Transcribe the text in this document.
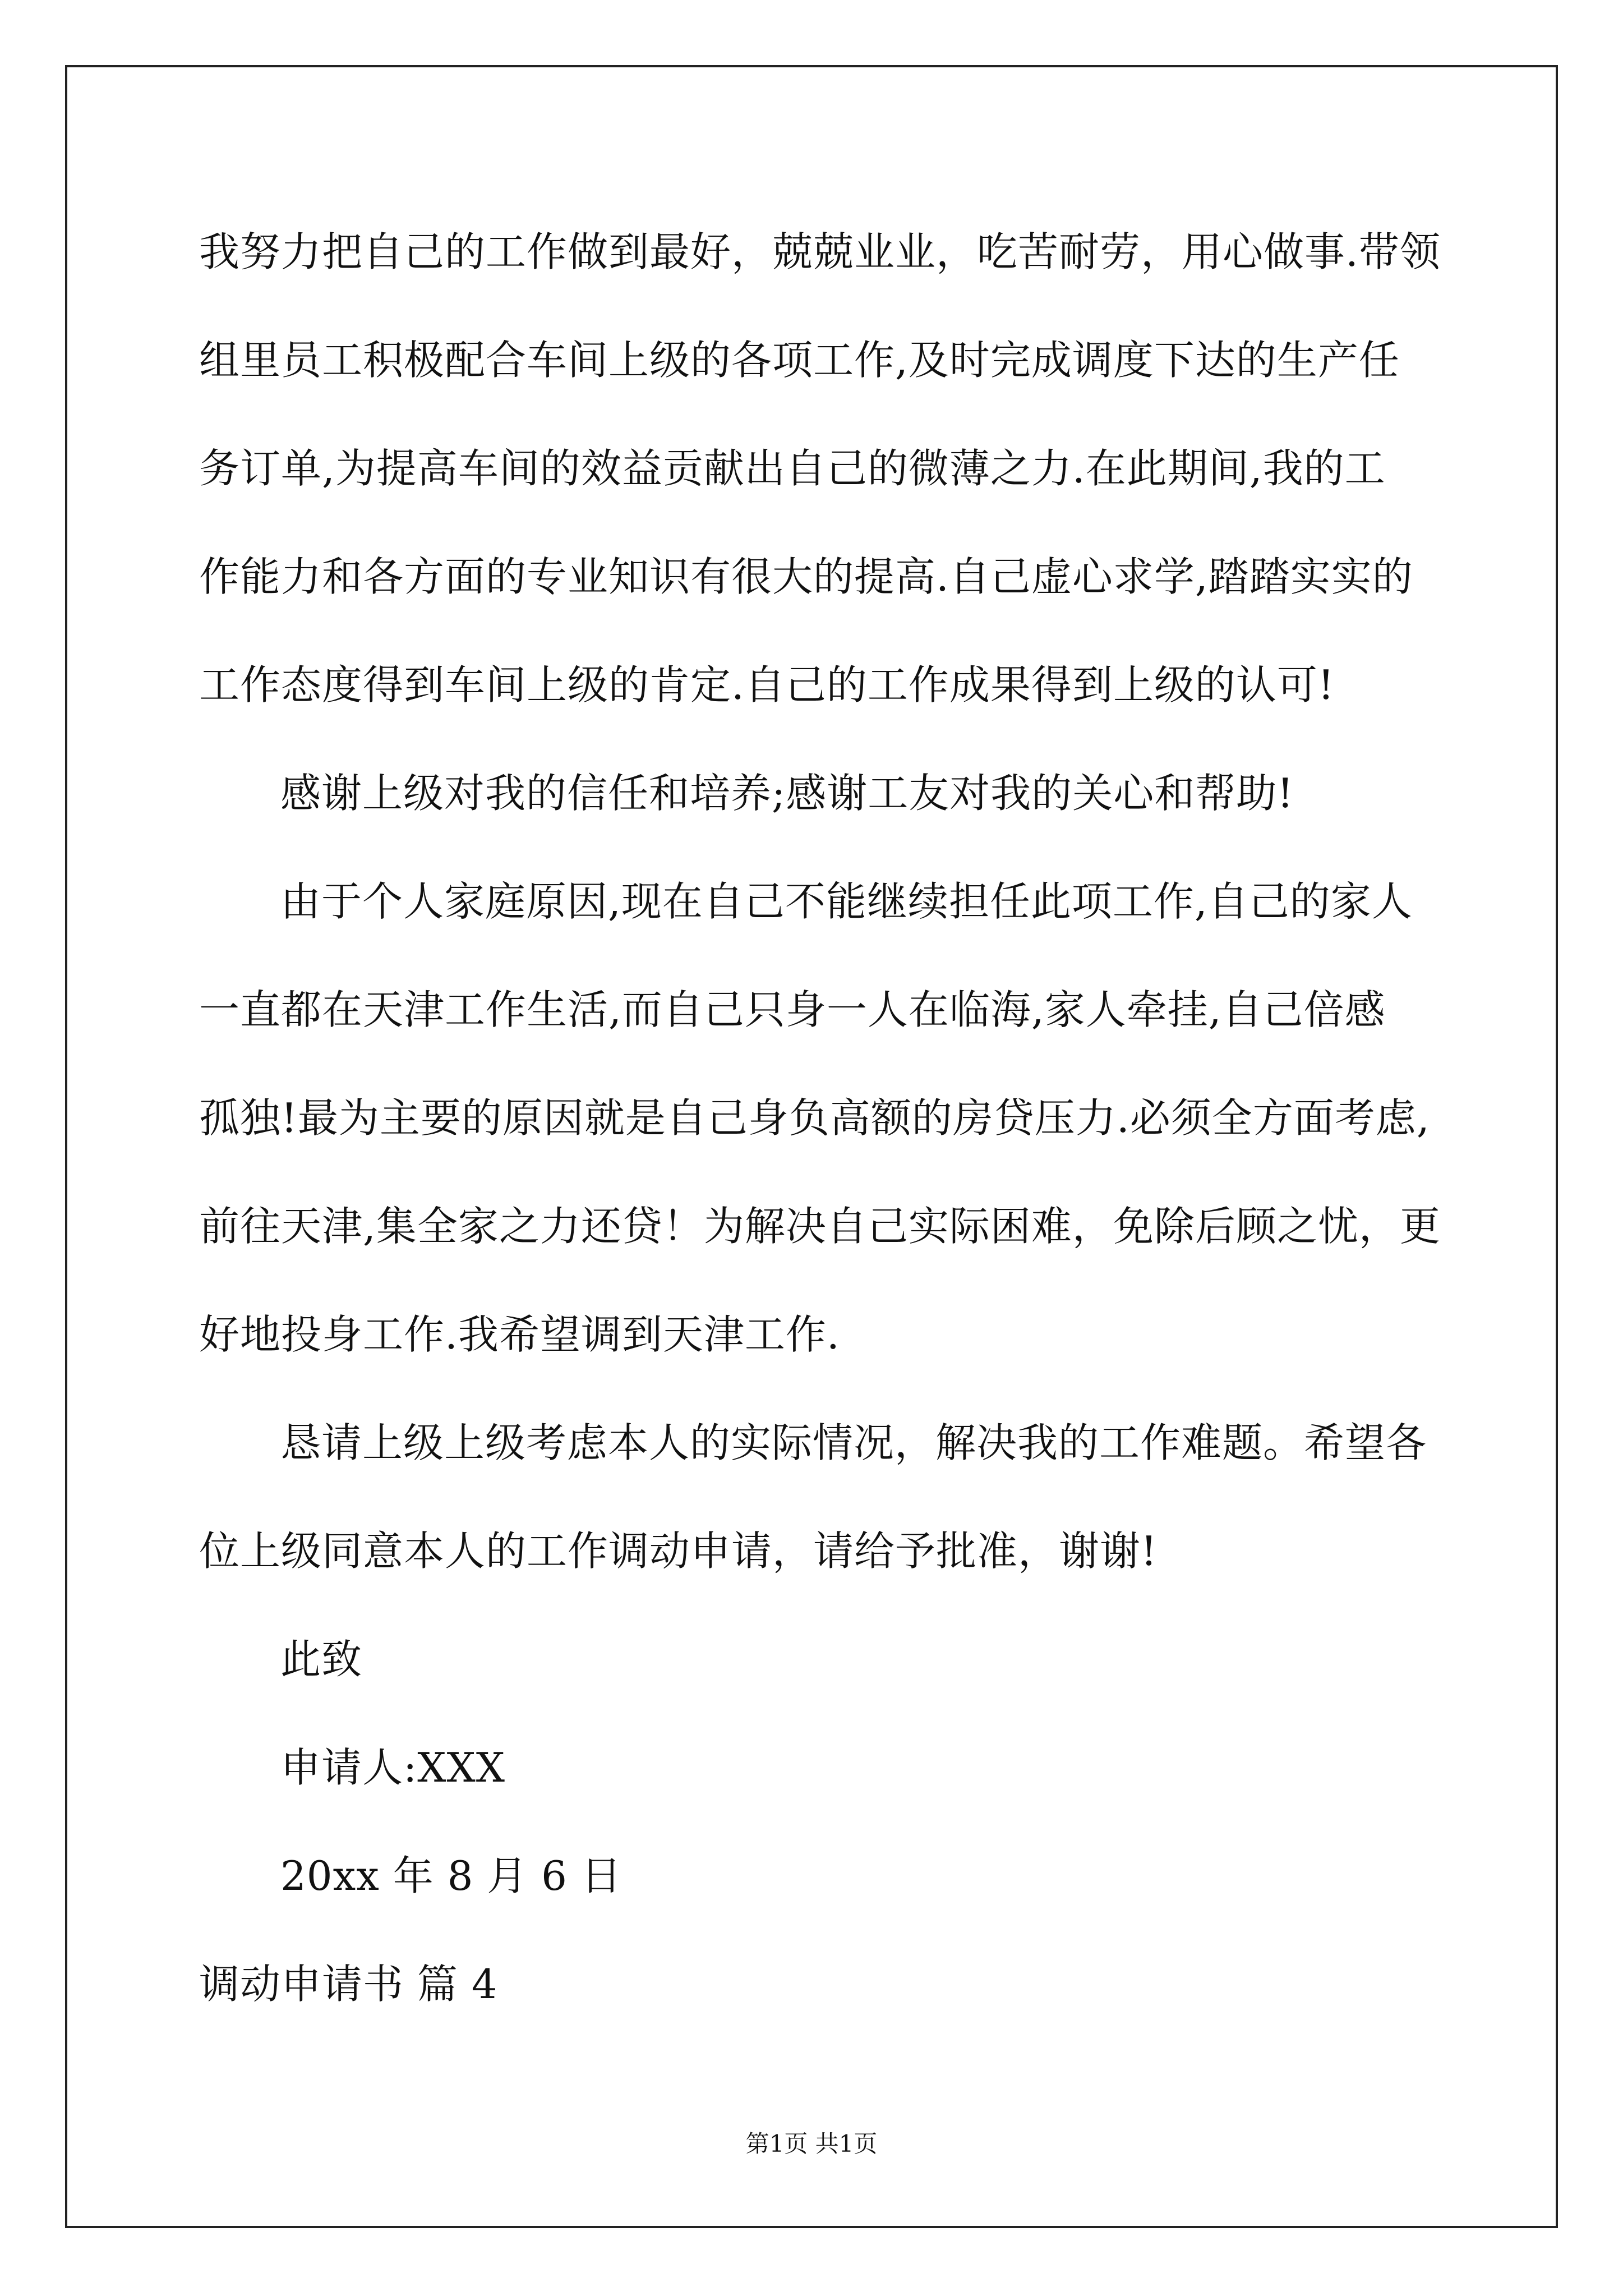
我努力把自己的工作做到最好，兢兢业业，吃苦耐劳，用心做事.带领
组里员工积极配合车间上级的各项工作,及时完成调度下达的生产任
务订单,为提高车间的效益贡献出自己的微薄之力.在此期间,我的工
作能力和各方面的专业知识有很大的提高.自己虚心求学,踏踏实实的
工作态度得到车间上级的肯定.自己的工作成果得到上级的认可!
感谢上级对我的信任和培养;感谢工友对我的关心和帮助!
由于个人家庭原因,现在自己不能继续担任此项工作,自己的家人
一直都在天津工作生活,而自己只身一人在临海,家人牵挂,自己倍感
孤独!最为主要的原因就是自己身负高额的房贷压力.必须全方面考虑,
前往天津,集全家之力还贷！为解决自己实际困难，免除后顾之忧，更
好地投身工作.我希望调到天津工作.
恳请上级上级考虑本人的实际情况，解决我的工作难题。希望各
位上级同意本人的工作调动申请，请给予批准，谢谢!
此致
申请人:XXX
20xx 年 8 月 6 日
调动申请书 篇 4
第1页 共1页
